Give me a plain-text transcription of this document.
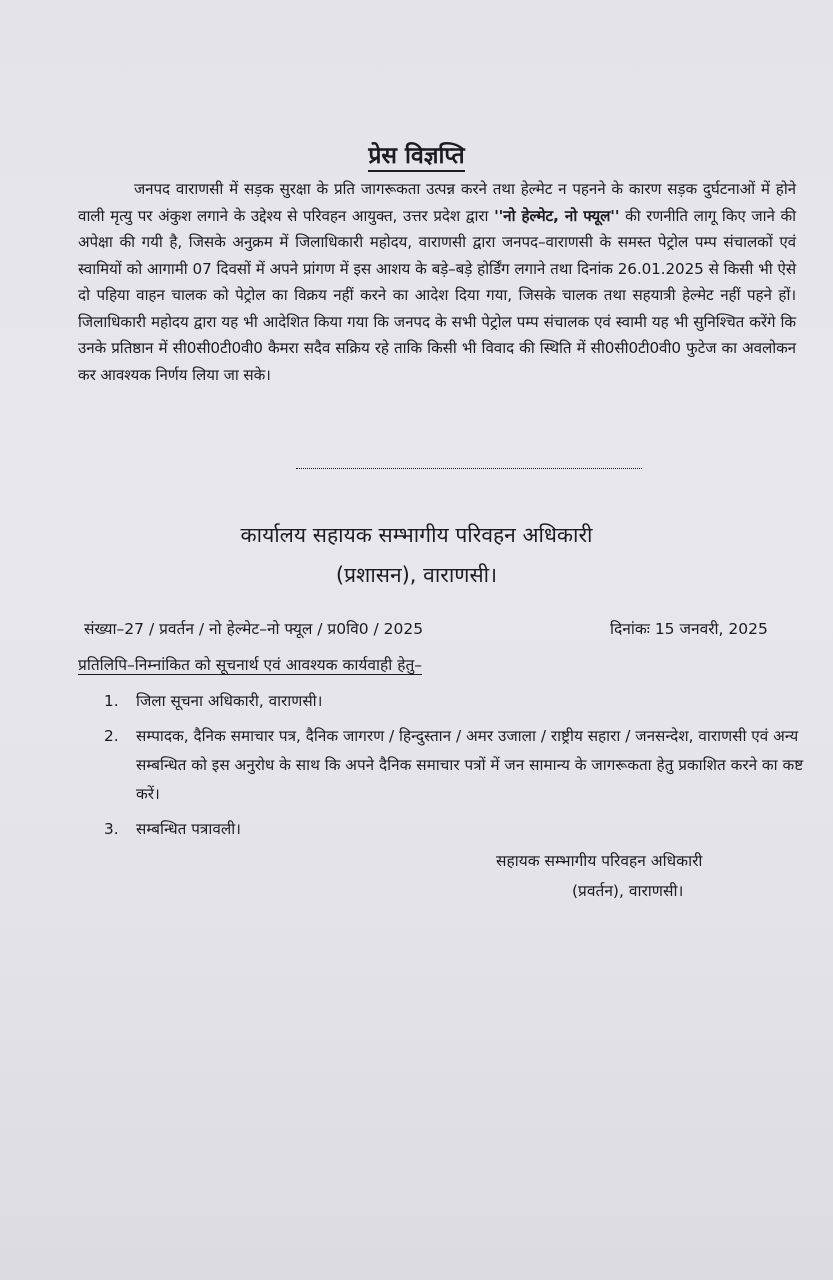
प्रेस विज्ञप्ति
जनपद वाराणसी में सड़क सुरक्षा के प्रति जागरूकता उत्पन्न करने तथा हेल्मेट न पहनने के कारण सड़क दुर्घटनाओं में होने वाली मृत्यु पर अंकुश लगाने के उद्देश्य से परिवहन आयुक्त, उत्तर प्रदेश द्वारा ''नो हेल्मेट, नो फ्यूल'' की रणनीति लागू किए जाने की अपेक्षा की गयी है, जिसके अनुक्रम में जिलाधिकारी महोदय, वाराणसी द्वारा जनपद–वाराणसी के समस्त पेट्रोल पम्प संचालकों एवं स्वामियों को आगामी 07 दिवसों में अपने प्रांगण में इस आशय के बड़े–बड़े होर्डिंग लगाने तथा दिनांक 26.01.2025 से किसी भी ऐसे दो पहिया वाहन चालक को पेट्रोल का विक्रय नहीं करने का आदेश दिया गया, जिसके चालक तथा सहयात्री हेल्मेट नहीं पहने हों। जिलाधिकारी महोदय द्वारा यह भी आदेशित किया गया कि जनपद के सभी पेट्रोल पम्प संचालक एवं स्वामी यह भी सुनिश्चित करेंगे कि उनके प्रतिष्ठान में सी0सी0टी0वी0 कैमरा सदैव सक्रिय रहे ताकि किसी भी विवाद की स्थिति में सी0सी0टी0वी0 फुटेज का अवलोकन कर आवश्यक निर्णय लिया जा सके।
कार्यालय सहायक सम्भागीय परिवहन अधिकारी
(प्रशासन), वाराणसी।
संख्या–27 / प्रवर्तन / नो हेल्मेट–नो फ्यूल / प्र0वि0 / 2025	दिनांकः 15 जनवरी, 2025
प्रतिलिपि–निम्नांकित को सूचनार्थ एवं आवश्यक कार्यवाही हेतु–
1. जिला सूचना अधिकारी, वाराणसी।
2. सम्पादक, दैनिक समाचार पत्र, दैनिक जागरण / हिन्दुस्तान / अमर उजाला / राष्ट्रीय सहारा / जनसन्देश, वाराणसी एवं अन्य सम्बन्धित को इस अनुरोध के साथ कि अपने दैनिक समाचार पत्रों में जन सामान्य के जागरूकता हेतु प्रकाशित करने का कष्ट करें।
3. सम्बन्धित पत्रावली।
सहायक सम्भागीय परिवहन अधिकारी
(प्रवर्तन), वाराणसी।
